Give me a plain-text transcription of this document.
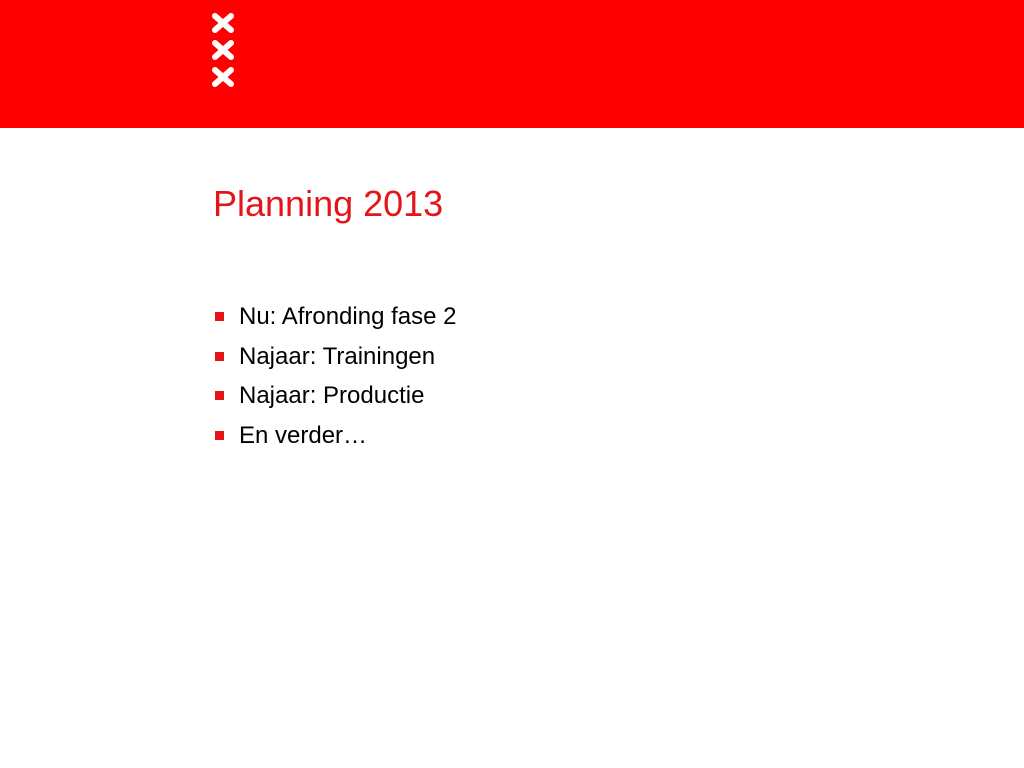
Planning 2013
Nu: Afronding fase 2
Najaar: Trainingen
Najaar: Productie
En verder…
